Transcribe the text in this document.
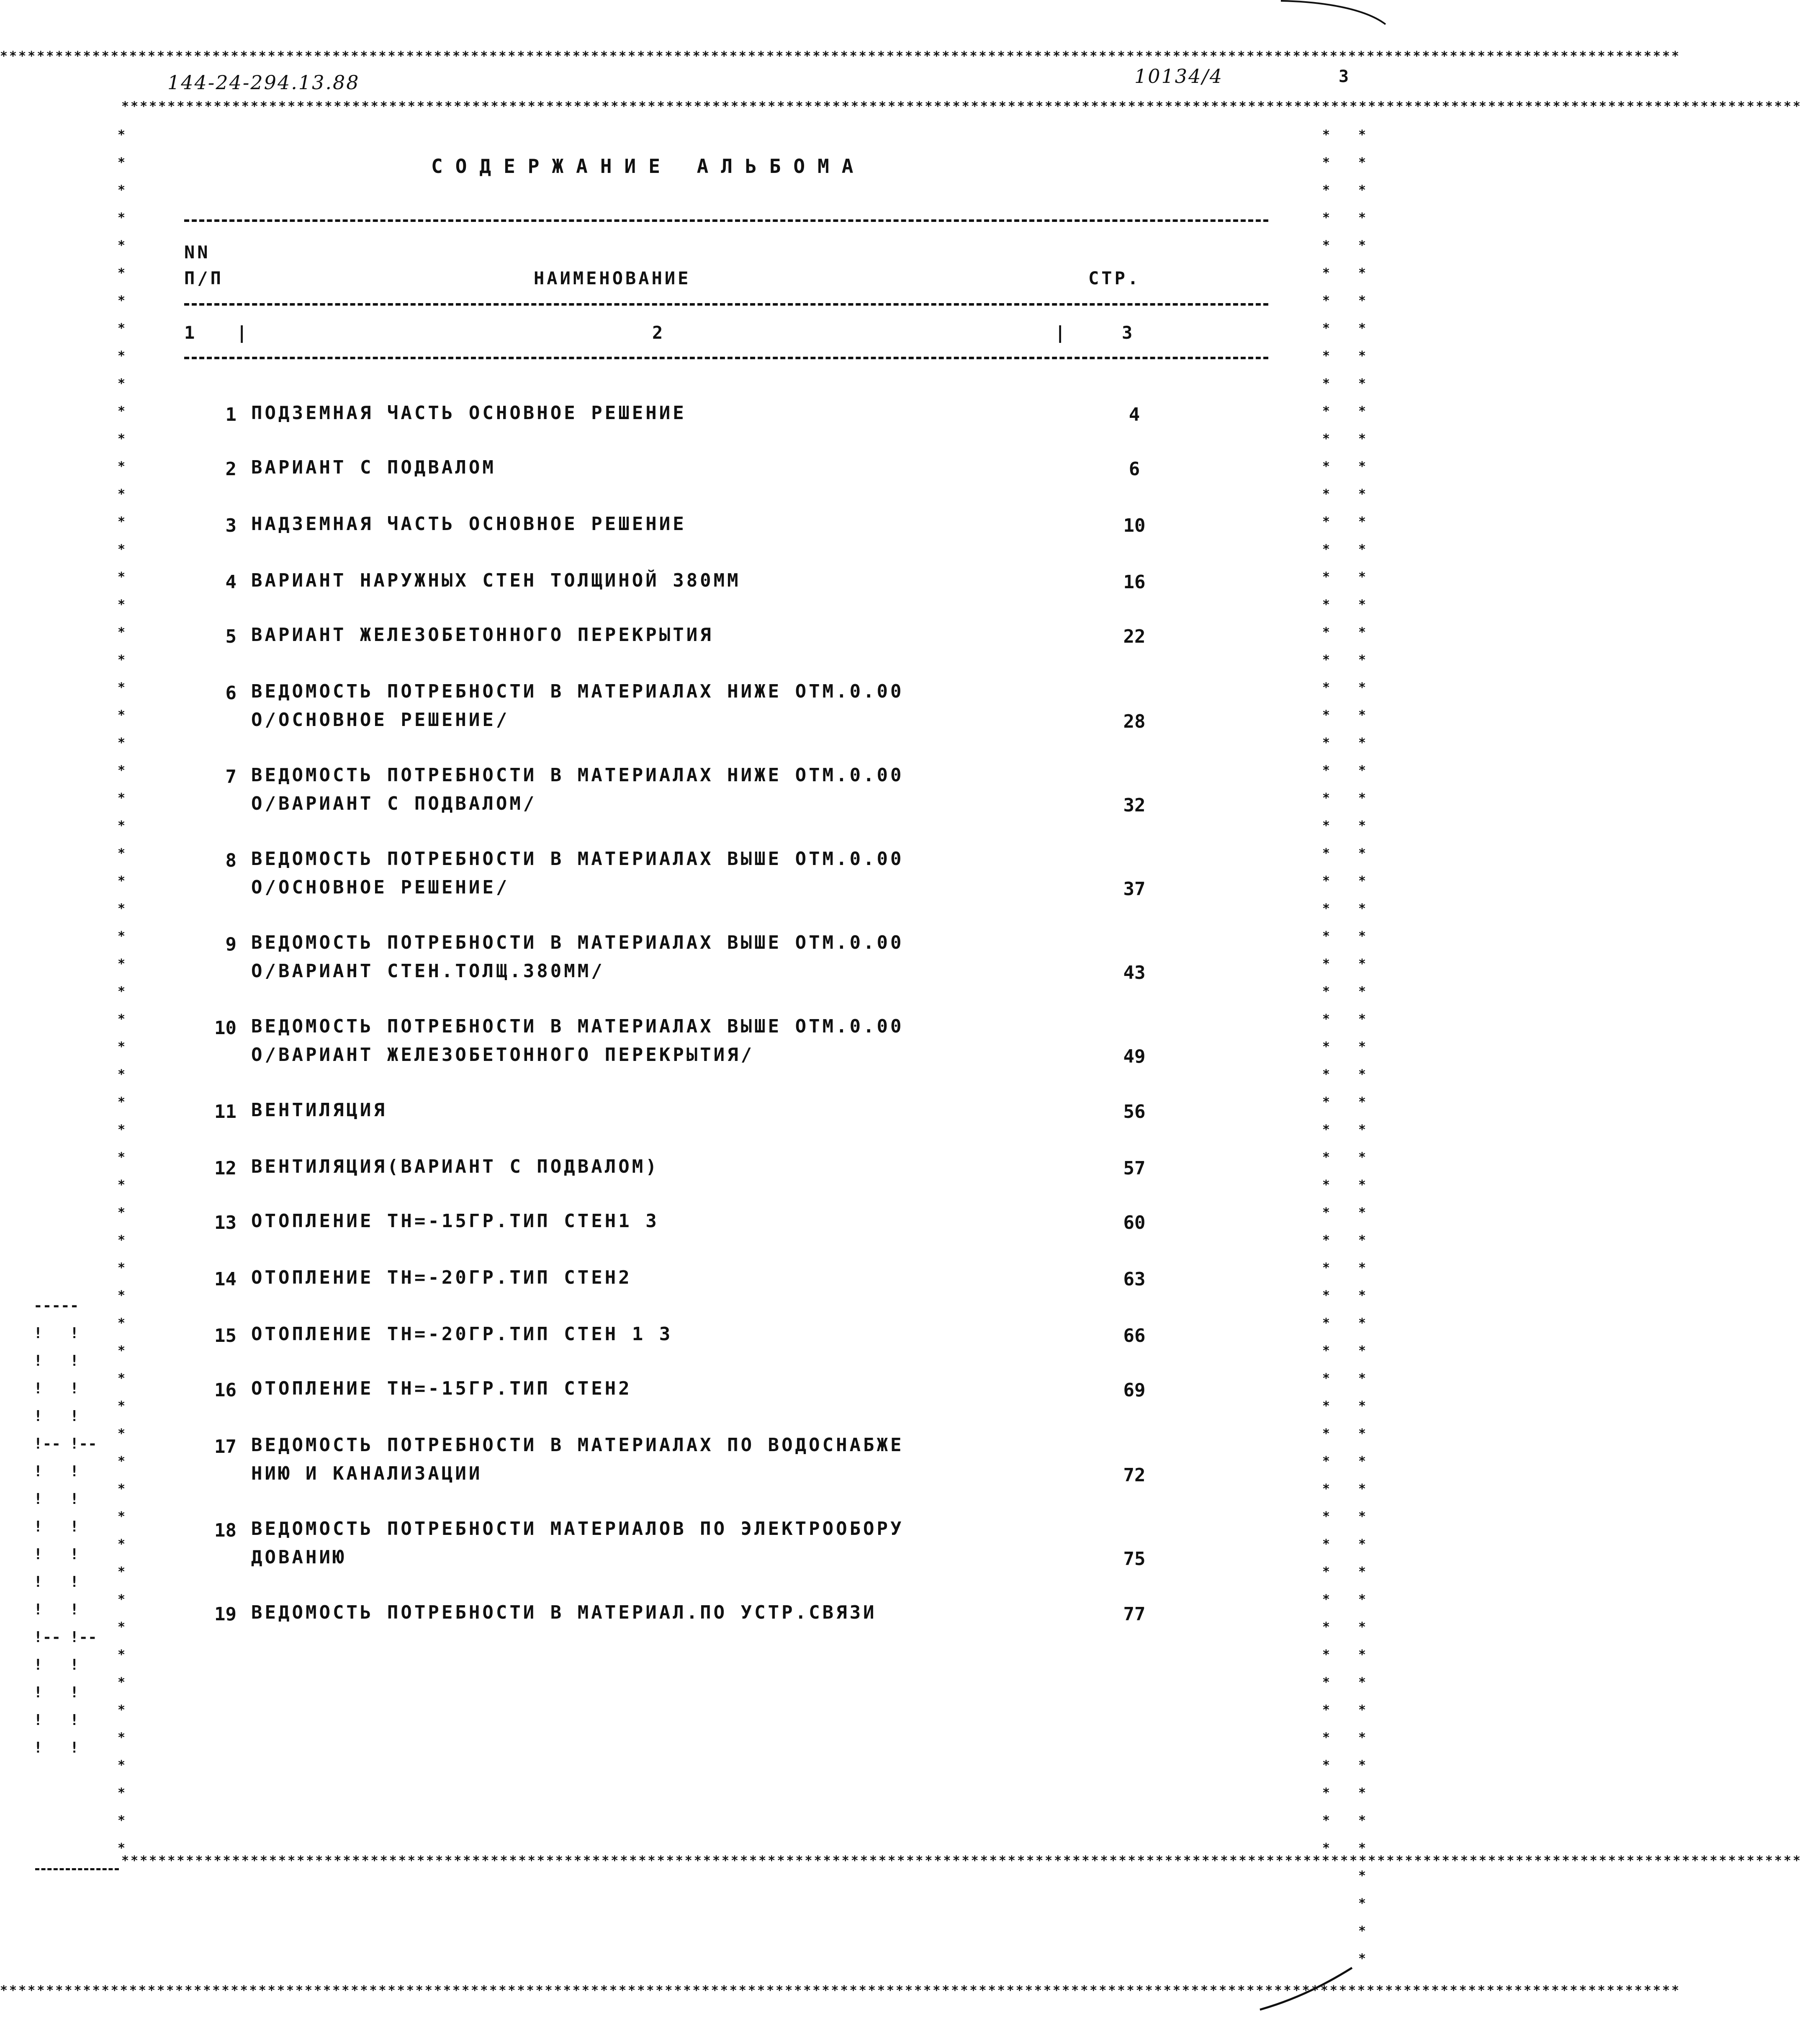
**************************************************************************************************************************************************************************************
**************************************************************************************************************************************************************************************
**************************************************************************************************************************************************************************************
**************************************************************************************************************************************************************************************
*
*
*
*
*
*
*
*
*
*
*
*
*
*
*
*
*
*
*
*
*
*
*
*
*
*
*
*
*
*
*
*
*
*
*
*
*
*
*
*
*
*
*
*
*
*
*
*
*
*
*
*
*
*
*
*
*
*
*
*
*
*
*
*
*
*
*
*
*
*
*
*
*
*
*
*
*
*
*
*
*
*
*
*
*
*
*
*
*
*
*
*
*
*
*
*
*
*
*
*
*
*
*
*
*
*
*
*
*
*
*
*
*
*
*
*
*
*
*
*
*
*
*
*
*
*
*
*
*
*
*
*
*
*
*
*
*
*
*
*
*
*
*
*
*
*
*
*
*
*
*
*
*
*
*
*
*
*
*
*
*
*
*
*
*
*
*
*
*
*
*
*
*
*
*
*
*
*
*
*
*
*
*
*
*
*
*
*
*
*
*
*
*
-----
!   !
!   !
!   !
!   !
!-- !--
!   !
!   !
!   !
!   !
!   !
!   !
!-- !--
!   !
!   !
!   !
!   !
144-24-294.13.88	10134/4	3
СОДЕРЖАНИЕ АЛЬБОМА
NN
П/П	НАИМЕНОВАНИЕ	СТР.
1 |	2	|	3
1 ПОДЗЕМНАЯ ЧАСТЬ ОСНОВНОЕ РЕШЕНИЕ	4
2 ВАРИАНТ С ПОДВАЛОМ	6
3 НАДЗЕМНАЯ ЧАСТЬ ОСНОВНОЕ РЕШЕНИЕ	10
4 ВАРИАНТ НАРУЖНЫХ СТЕН ТОЛЩИНОЙ 380ММ	16
5 ВАРИАНТ ЖЕЛЕЗОБЕТОННОГО ПЕРЕКРЫТИЯ	22
6 ВЕДОМОСТЬ ПОТРЕБНОСТИ В МАТЕРИАЛАХ НИЖЕ ОТМ.0.00
О/ОСНОВНОЕ РЕШЕНИЕ/	28
7 ВЕДОМОСТЬ ПОТРЕБНОСТИ В МАТЕРИАЛАХ НИЖЕ ОТМ.0.00
О/ВАРИАНТ С ПОДВАЛОМ/	32
8 ВЕДОМОСТЬ ПОТРЕБНОСТИ В МАТЕРИАЛАХ ВЫШЕ ОТМ.0.00
О/ОСНОВНОЕ РЕШЕНИЕ/	37
9 ВЕДОМОСТЬ ПОТРЕБНОСТИ В МАТЕРИАЛАХ ВЫШЕ ОТМ.0.00
О/ВАРИАНТ СТЕН.ТОЛЩ.380ММ/	43
10 ВЕДОМОСТЬ ПОТРЕБНОСТИ В МАТЕРИАЛАХ ВЫШЕ ОТМ.0.00
О/ВАРИАНТ ЖЕЛЕЗОБЕТОННОГО ПЕРЕКРЫТИЯ/	49
11 ВЕНТИЛЯЦИЯ	56
12 ВЕНТИЛЯЦИЯ(ВАРИАНТ С ПОДВАЛОМ)	57
13 ОТОПЛЕНИЕ ТН=-15ГР.ТИП СТЕН1 3	60
14 ОТОПЛЕНИЕ ТН=-20ГР.ТИП СТЕН2	63
15 ОТОПЛЕНИЕ ТН=-20ГР.ТИП СТЕН 1 3	66
16 ОТОПЛЕНИЕ ТН=-15ГР.ТИП СТЕН2	69
17 ВЕДОМОСТЬ ПОТРЕБНОСТИ В МАТЕРИАЛАХ ПО ВОДОСНАБЖЕ
НИЮ И КАНАЛИЗАЦИИ	72
18 ВЕДОМОСТЬ ПОТРЕБНОСТИ МАТЕРИАЛОВ ПО ЭЛЕКТРООБОРУ
ДОВАНИЮ	75
19 ВЕДОМОСТЬ ПОТРЕБНОСТИ В МАТЕРИАЛ.ПО УСТР.СВЯЗИ	77
